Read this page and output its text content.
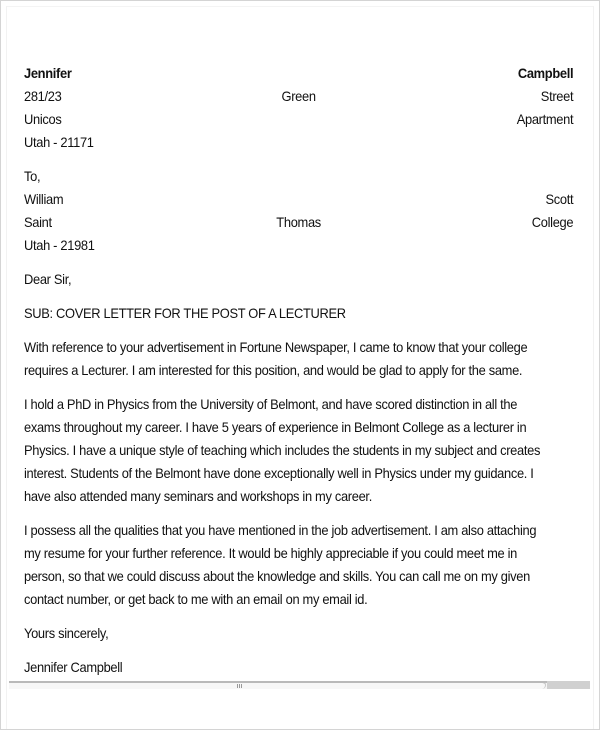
Jennifer	Campbell
281/23	Green	Street
Unicos	Apartment
Utah - 21171
To,
William	Scott
Saint	Thomas	College
Utah - 21981
Dear Sir,
SUB: COVER LETTER FOR THE POST OF A LECTURER
With reference to your advertisement in Fortune Newspaper, I came to know that your college
requires a Lecturer. I am interested for this position, and would be glad to apply for the same.
I hold a PhD in Physics from the University of Belmont, and have scored distinction in all the
exams throughout my career. I have 5 years of experience in Belmont College as a lecturer in
Physics. I have a unique style of teaching which includes the students in my subject and creates
interest. Students of the Belmont have done exceptionally well in Physics under my guidance. I
have also attended many seminars and workshops in my career.
I possess all the qualities that you have mentioned in the job advertisement. I am also attaching
my resume for your further reference. It would be highly appreciable if you could meet me in
person, so that we could discuss about the knowledge and skills. You can call me on my given
contact number, or get back to me with an email on my email id.
Yours sincerely,
Jennifer Campbell
